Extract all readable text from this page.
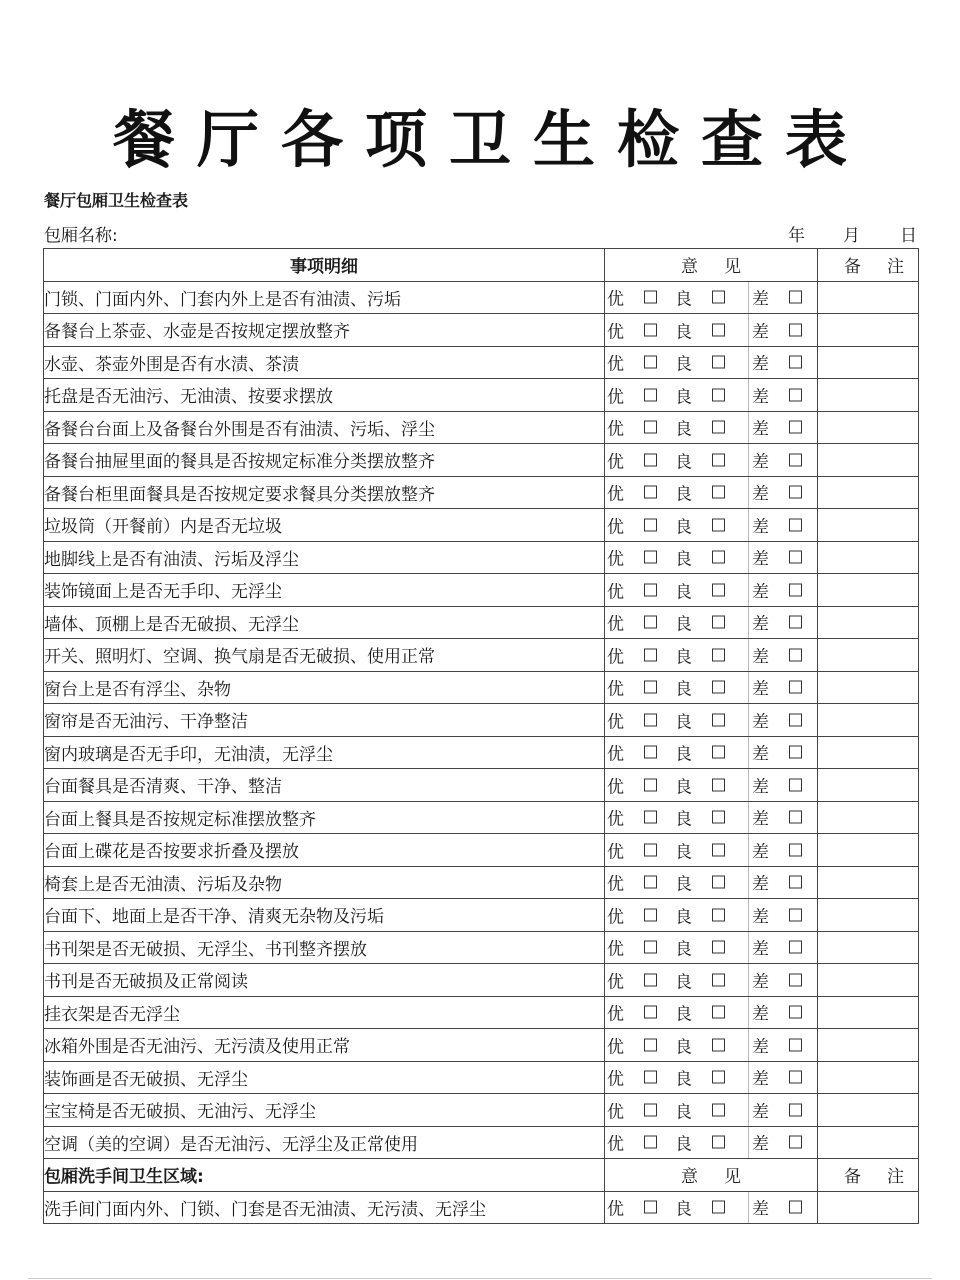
餐厅各项卫生检查表
餐厅包厢卫生检查表
包厢名称:	年 月 日
事项明细	意见	备注
门锁、门面内外、门套内外上是否有油渍、污垢	优 良 差	

备餐台上茶壶、水壶是否按规定摆放整齐	优 良 差	

水壶、茶壶外围是否有水渍、茶渍	优 良 差	

托盘是否无油污、无油渍、按要求摆放	优 良 差	

备餐台台面上及备餐台外围是否有油渍、污垢、浮尘	优 良 差	

备餐台抽屉里面的餐具是否按规定标准分类摆放整齐	优 良 差	

备餐台柜里面餐具是否按规定要求餐具分类摆放整齐	优 良 差	

垃圾筒（开餐前）内是否无垃圾	优 良 差	

地脚线上是否有油渍、污垢及浮尘	优 良 差	

装饰镜面上是否无手印、无浮尘	优 良 差	

墙体、顶棚上是否无破损、无浮尘	优 良 差	

开关、照明灯、空调、换气扇是否无破损、使用正常	优 良 差	

窗台上是否有浮尘、杂物	优 良 差	

窗帘是否无油污、干净整洁	优 良 差	

窗内玻璃是否无手印，无油渍，无浮尘	优 良 差	

台面餐具是否清爽、干净、整洁	优 良 差	

台面上餐具是否按规定标准摆放整齐	优 良 差	

台面上碟花是否按要求折叠及摆放	优 良 差	

椅套上是否无油渍、污垢及杂物	优 良 差	

台面下、地面上是否干净、清爽无杂物及污垢	优 良 差	

书刊架是否无破损、无浮尘、书刊整齐摆放	优 良 差	

书刊是否无破损及正常阅读	优 良 差	

挂衣架是否无浮尘	优 良 差	

冰箱外围是否无油污、无污渍及使用正常	优 良 差	

装饰画是否无破损、无浮尘	优 良 差	

宝宝椅是否无破损、无油污、无浮尘	优 良 差	

空调（美的空调）是否无油污、无浮尘及正常使用	优 良 差	

包厢洗手间卫生区域:	意见	备注
洗手间门面内外、门锁、门套是否无油渍、无污渍、无浮尘	优 良 差	
